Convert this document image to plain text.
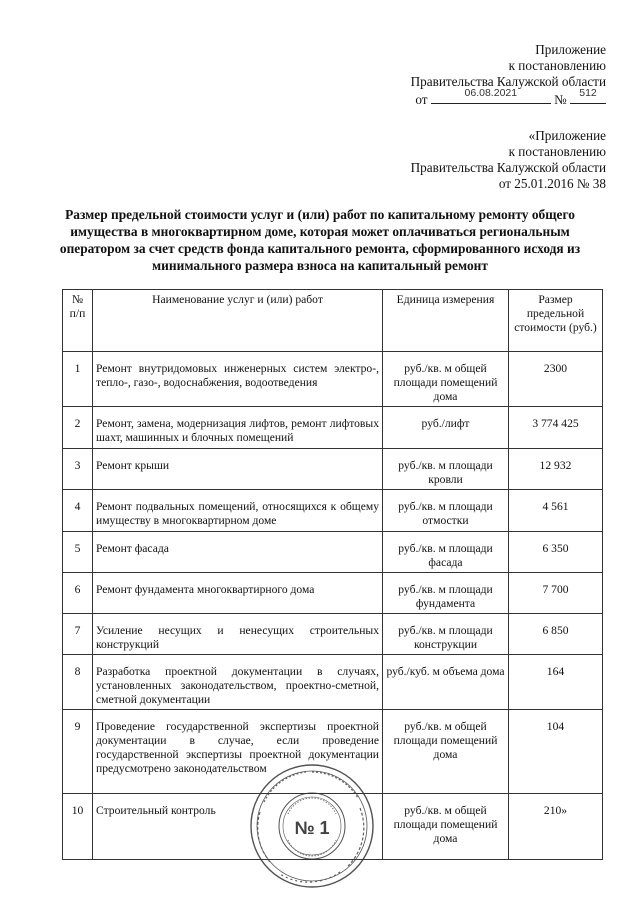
Приложение
к постановлению
Правительства Калужской области
от	06.08.2021	№	512
«Приложение
к постановлению
Правительства Калужской области
от 25.01.2016 № 38
Размер предельной стоимости услуг и (или) работ по капитальному ремонту общего имущества в многоквартирном доме, которая может оплачиваться региональным оператором за счет средств фонда капитального ремонта, сформированного исходя из минимального размера взноса на капитальный ремонт
№ п/п	Наименование услуг и (или) работ	Единица измерения	Размер предельной стоимости (руб.)
1	Ремонт внутридомовых инженерных систем электро-, тепло-, газо-, водоснабжения, водоотведения	руб./кв. м общей площади помещений дома	2300
2	Ремонт, замена, модернизация лифтов, ремонт лифтовых шахт, машинных и блочных помещений	руб./лифт	3 774 425
3	Ремонт крыши	руб./кв. м площади кровли	12 932
4	Ремонт подвальных помещений, относящихся к общему имуществу в многоквартирном доме	руб./кв. м площади отмостки	4 561
5	Ремонт фасада	руб./кв. м площади фасада	6 350
6	Ремонт фундамента многоквартирного дома	руб./кв. м площади фундамента	7 700
7	Усиление несущих и ненесущих строительных конструкций	руб./кв. м площади конструкции	6 850
8	Разработка проектной документации в случаях, установленных законодательством, проектно-сметной, сметной документации	руб./куб. м объема дома	164
9	Проведение государственной экспертизы проектной документации в случае, если проведение государственной экспертизы проектной документации предусмотрено законодательством	руб./кв. м общей площади помещений дома	104
10	Строительный контроль	руб./кв. м общей площади помещений дома	210»
№ 1
